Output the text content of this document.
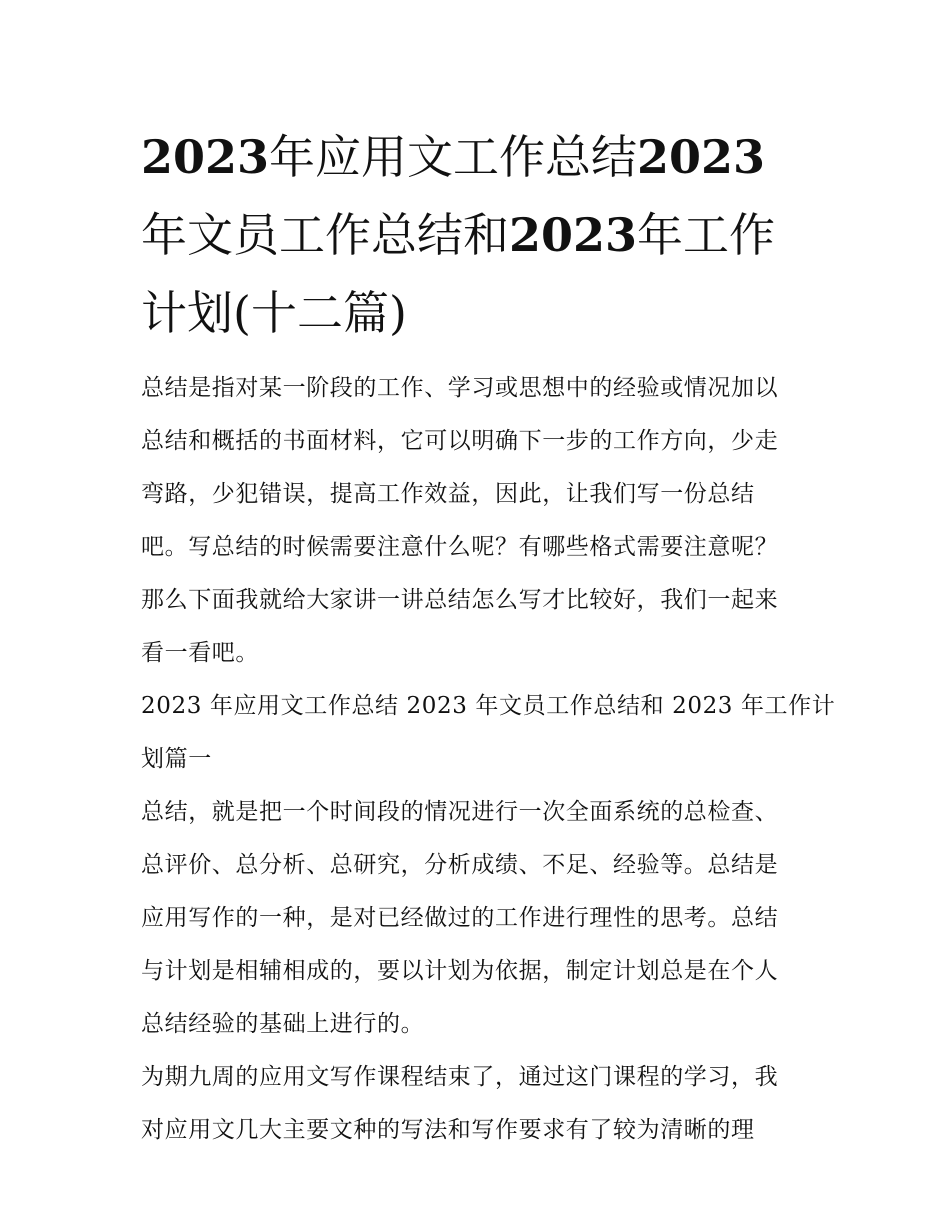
2023年应用文工作总结2023
年文员工作总结和2023年工作
计划(十二篇)
总结是指对某一阶段的工作、学习或思想中的经验或情况加以
总结和概括的书面材料，它可以明确下一步的工作方向，少走
弯路，少犯错误，提高工作效益，因此，让我们写一份总结
吧。写总结的时候需要注意什么呢？有哪些格式需要注意呢？
那么下面我就给大家讲一讲总结怎么写才比较好，我们一起来
看一看吧。
2023 年应用文工作总结 2023 年文员工作总结和 2023 年工作计
划篇一
总结，就是把一个时间段的情况进行一次全面系统的总检查、
总评价、总分析、总研究，分析成绩、不足、经验等。总结是
应用写作的一种，是对已经做过的工作进行理性的思考。总结
与计划是相辅相成的，要以计划为依据，制定计划总是在个人
总结经验的基础上进行的。
为期九周的应用文写作课程结束了，通过这门课程的学习，我
对应用文几大主要文种的写法和写作要求有了较为清晰的理
